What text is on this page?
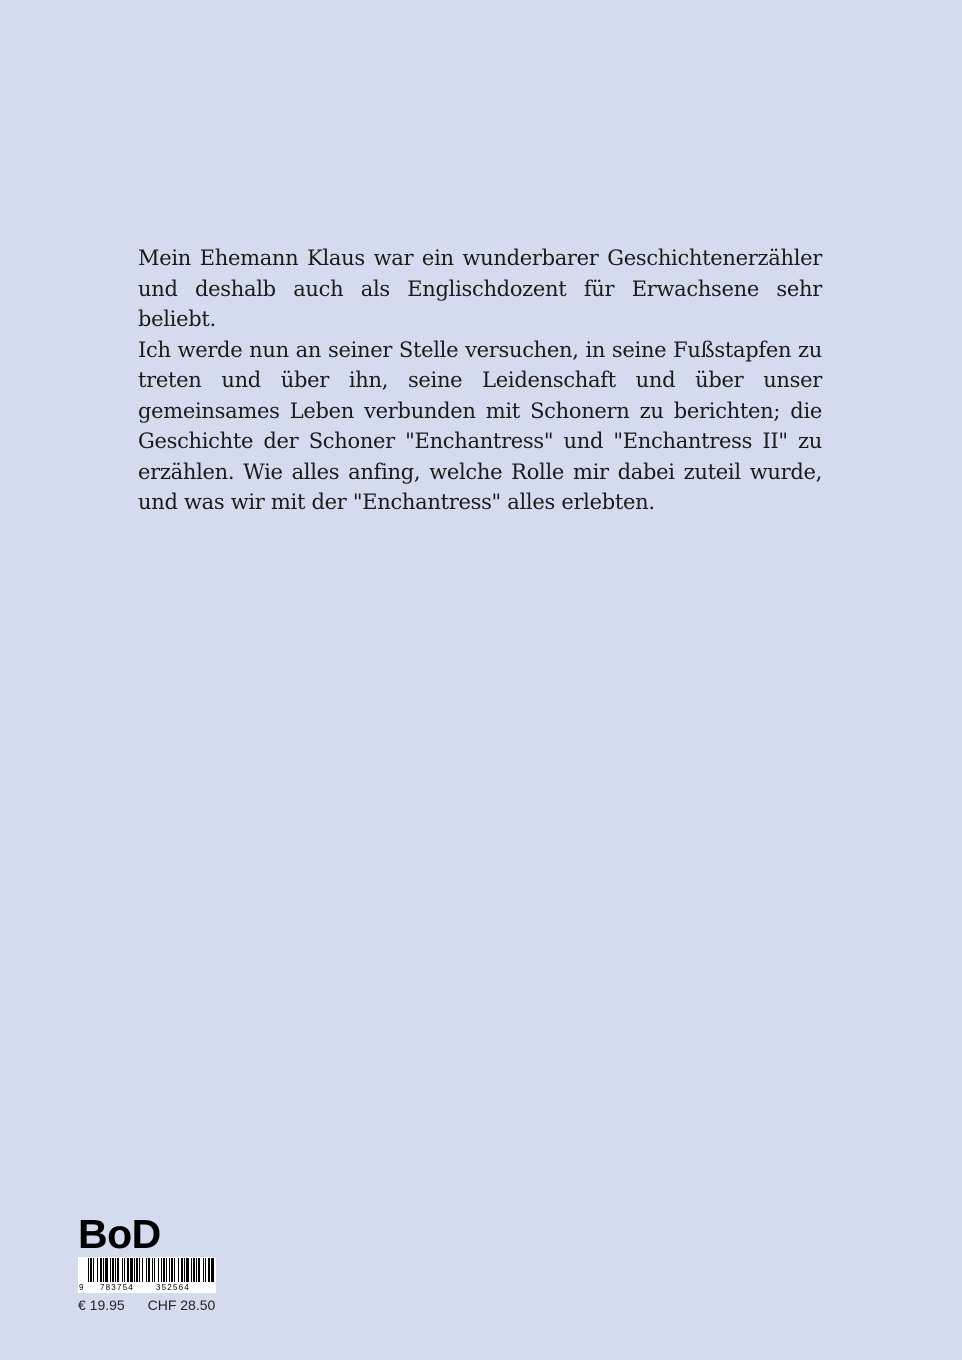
Mein Ehemann Klaus war ein wunderbarer Geschichtenerzähler und deshalb auch als Englischdozent für Erwachsene sehr beliebt.

Ich werde nun an seiner Stelle versuchen, in seine Fußstapfen zu treten und über ihn, seine Leidenschaft und über unser gemeinsames Leben verbunden mit Schonern zu berichten; die Geschichte der Schoner "Enchantress" und "Enchantress II" zu erzählen. Wie alles anfing, welche Rolle mir dabei zuteil wurde, und was wir mit der "Enchantress" alles erlebten.

BoD

9

783754

	352564

€ 19.95 CHF 28.50
